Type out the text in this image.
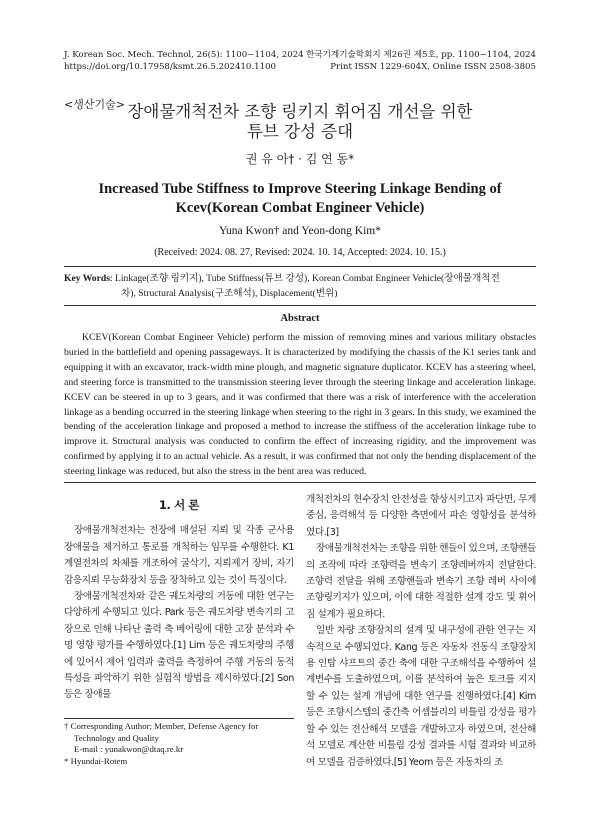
J. Korean Soc. Mech. Technol, 26(5): 1100~1104, 2024
https://doi.org/10.17958/ksmt.26.5.202410.1100
한국기계기술학회지 제26권 제5호, pp. 1100~1104, 2024
Print ISSN 1229-604X, Online ISSN 2508-3805
<생산기술> 장애물개척전차 조향 링키지 휘어짐 개선을 위한
튜브 강성 증대
권 유 아† · 김 연 동*
Increased Tube Stiffness to Improve Steering Linkage Bending of
Kcev(Korean Combat Engineer Vehicle)
Yuna Kwon† and Yeon-dong Kim*
(Received: 2024. 08. 27, Revised: 2024. 10. 14, Accepted: 2024. 10. 15.)
Key Words: Linkage(조향 링키지), Tube Stiffness(튜브 강성), Korean Combat Engineer Vehicle(장애물개척전
차), Structural Analysis(구조해석), Displacement(변위)
Abstract
KCEV(Korean Combat Engineer Vehicle) perform the mission of removing mines and various military obstacles buried in the battlefield and opening passageways. It is characterized by modifying the chassis of the K1 series tank and equipping it with an excavator, track-width mine plough, and magnetic signature duplicator. KCEV has a steering wheel, and steering force is transmitted to the transmission steering lever through the steering linkage and acceleration linkage. KCEV can be steered in up to 3 gears, and it was confirmed that there was a risk of interference with the acceleration linkage as a bending occurred in the steering linkage when steering to the right in 3 gears. In this study, we examined the bending of the acceleration linkage and proposed a method to increase the stiffness of the acceleration linkage tube to improve it. Structural analysis was conducted to confirm the effect of increasing rigidity, and the improvement was confirmed by applying it to an actual vehicle. As a result, it was confirmed that not only the bending displacement of the steering linkage was reduced, but also the stress in the bent area was reduced.
1. 서 론

장애물개척전차는 전장에 매설된 지뢰 및 각종 군사용 장애물을 제거하고 통로를 개척하는 임무를 수행한다. K1 계열전차의 차체를 개조하여 굴삭기, 지뢰제거 장비, 자기감응지뢰 무능화장치 등을 장착하고 있는 것이 특징이다.

장애물개척전차와 같은 궤도차량의 거동에 대한 연구는 다양하게 수행되고 있다. Park 등은 궤도차량 변속기의 고장으로 인해 나타난 출력 축 베어링에 대한 고장 분석과 수명 영향 평가를 수행하였다.[1] Lim 등은 궤도차량의 주행에 있어서 제어 입력과 출력을 측정하여 주행 거동의 동적 특성을 파악하기 위한 실험적 방법을 제시하였다.[2] Son 등은 장애물

개척전차의 현수장치 안전성을 향상시키고자 파단면, 무게중심, 응력해석 등 다양한 측면에서 파손 영향성을 분석하였다.[3]

장애물개척전차는 조향을 위한 핸들이 있으며, 조향핸들의 조작에 따라 조향력을 변속기 조향레버까지 전달한다. 조향력 전달을 위해 조향핸들과 변속기 조향 레버 사이에 조향링키지가 있으며, 이에 대한 적절한 설계 강도 및 휘어짐 설계가 필요하다.

일반 차량 조향장치의 설계 및 내구성에 관한 연구는 지속적으로 수행되었다. Kang 등은 자동차 전동식 조향장치용 인탑 샤프트의 중간 축에 대한 구조해석을 수행하여 설계변수를 도출하였으며, 이를 분석하여 높은 토크를 지지할 수 있는 설계 개념에 대한 연구를 진행하였다.[4] Kim 등은 조향시스템의 중간축 어셈블리의 비틀림 강성을 평가할 수 있는 전산해석 모델을 개발하고자 하였으며, 전산해석 모델로 계산한 비틀림 강성 결과를 시험 결과와 비교하여 모델을 검증하였다.[5] Yeom 등은 자동차의 조

† Corresponding Author; Member, Defense Agency for Technology and Quality
E-mail : yunakwon@dtaq.re.kr
* Hyundai-Rotem
